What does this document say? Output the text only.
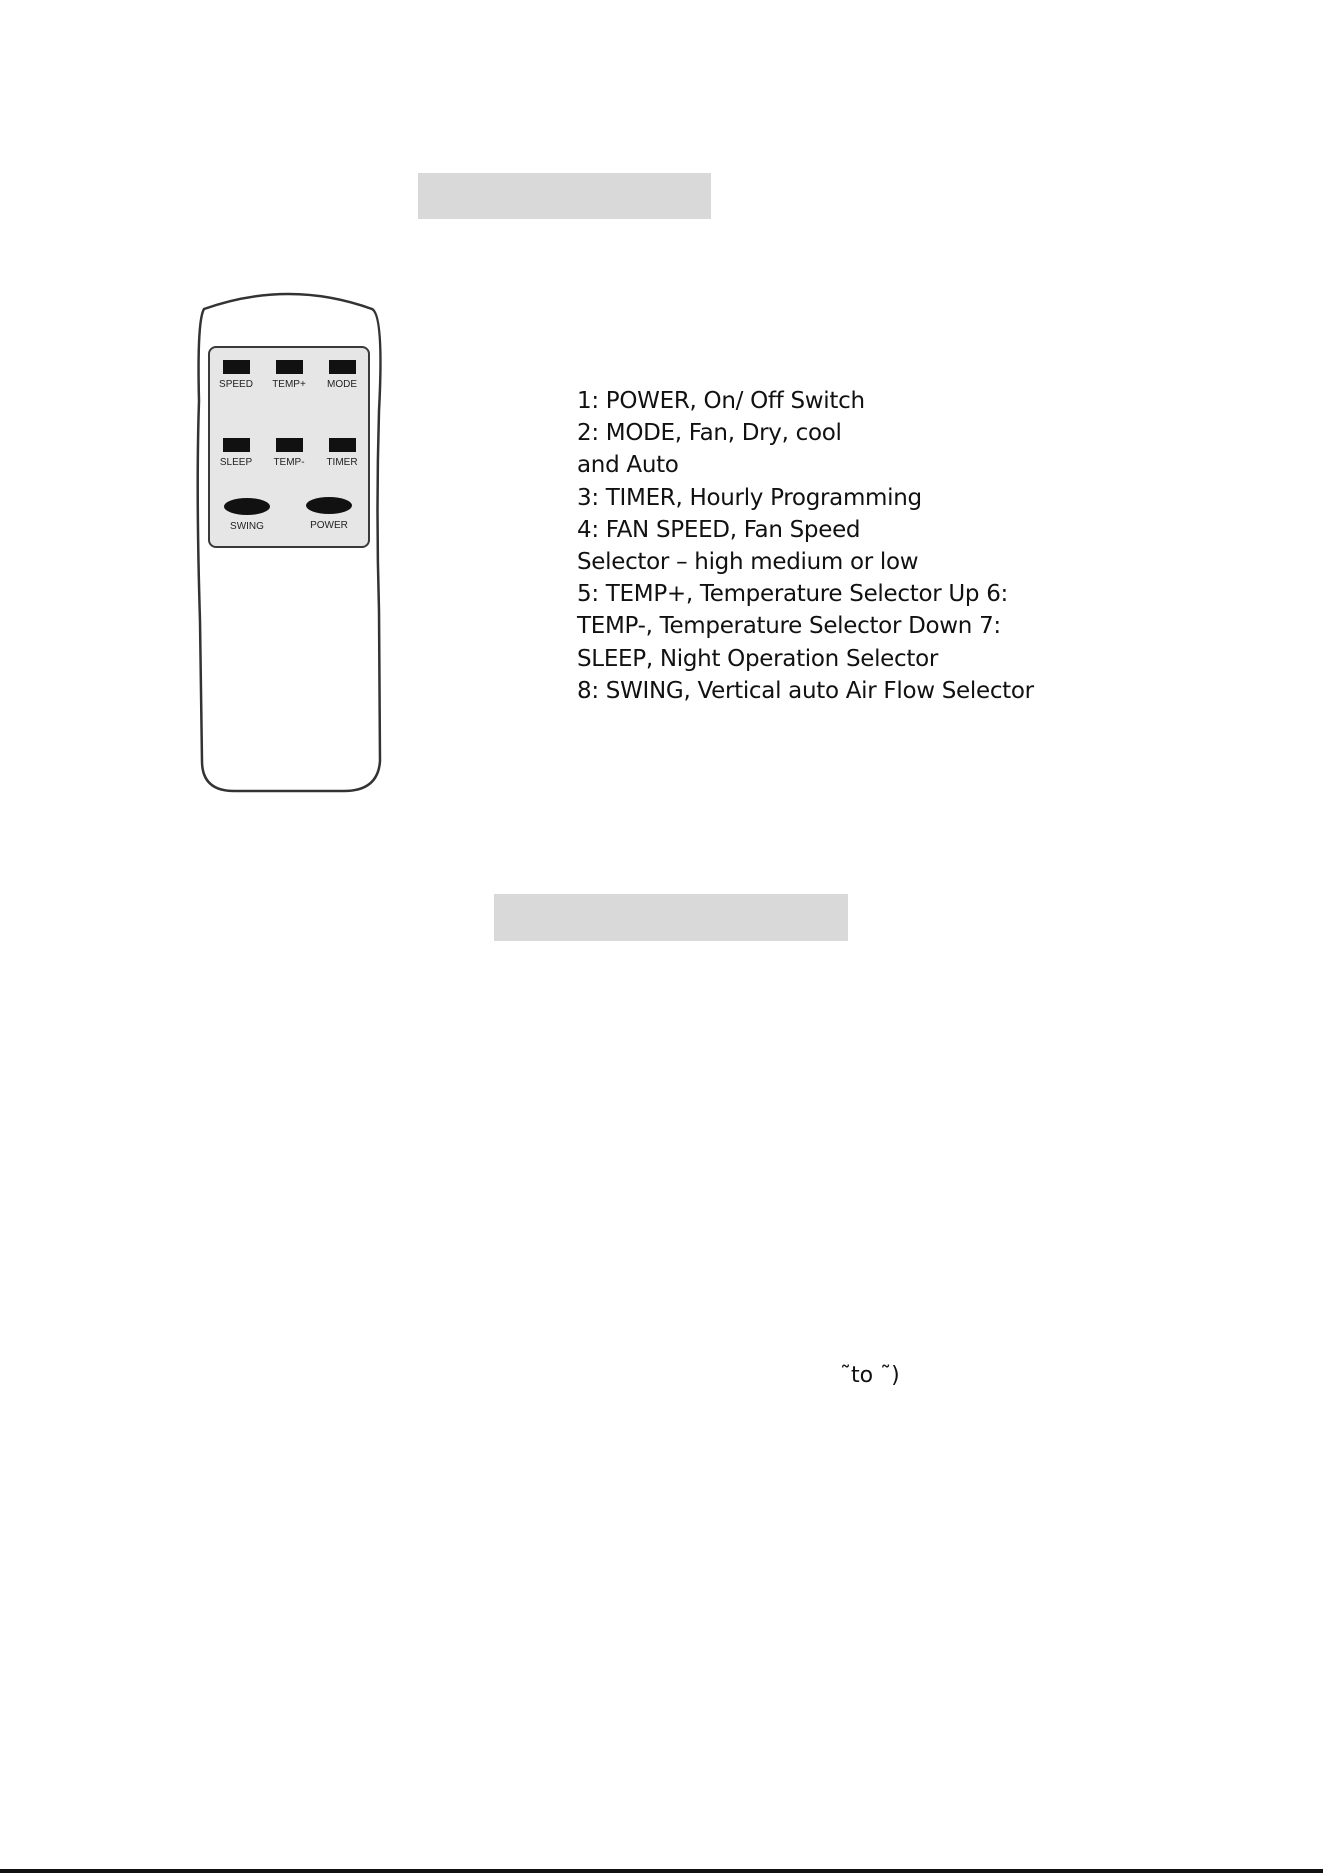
SPEED	TEMP+	MODE
SLEEP	TEMP-	TIMER
SWING	POWER
1: POWER, On/ Off Switch
2: MODE, Fan, Dry, cool
and Auto
3: TIMER, Hourly Programming
4: FAN SPEED, Fan Speed
Selector – high medium or low
5: TEMP+, Temperature Selector Up 6:
TEMP-, Temperature Selector Down 7:
SLEEP, Night Operation Selector
8: SWING, Vertical auto Air Flow Selector
˜to ˜)
